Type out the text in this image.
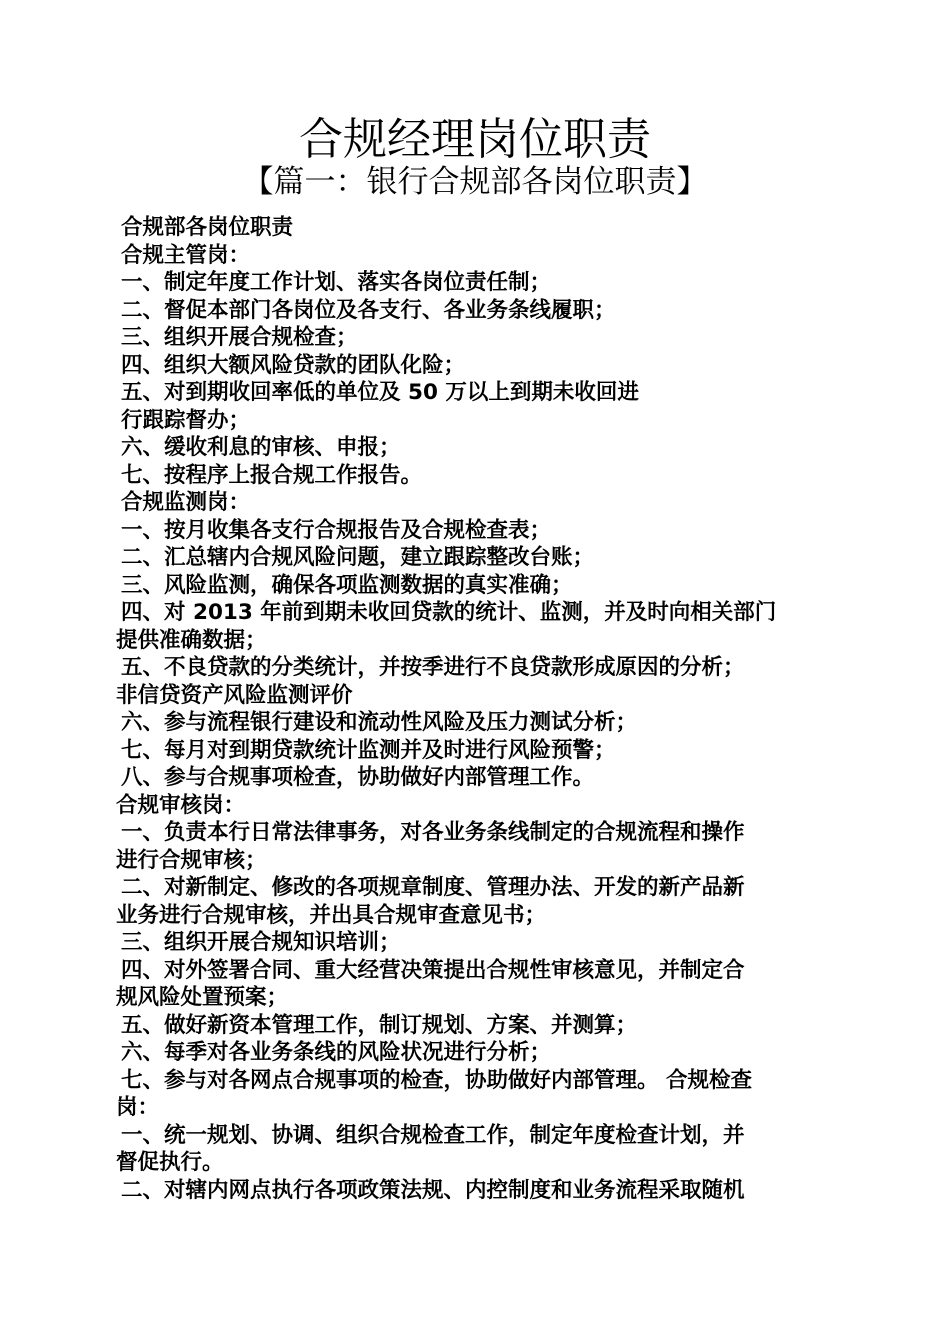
合规经理岗位职责
【篇一：银行合规部各岗位职责】
合规部各岗位职责
合规主管岗：
一、制定年度工作计划、落实各岗位责任制；
二、督促本部门各岗位及各支行、各业务条线履职；
三、组织开展合规检查；
四、组织大额风险贷款的团队化险；
五、对到期收回率低的单位及 50 万以上到期未收回进
行跟踪督办；
六、缓收利息的审核、申报；
七、按程序上报合规工作报告。
合规监测岗：
一、按月收集各支行合规报告及合规检查表；
二、汇总辖内合规风险问题，建立跟踪整改台账；
三、风险监测，确保各项监测数据的真实准确；
四、对 2013 年前到期未收回贷款的统计、监测，并及时向相关部门
提供准确数据；
五、不良贷款的分类统计，并按季进行不良贷款形成原因的分析；
非信贷资产风险监测评价
六、参与流程银行建设和流动性风险及压力测试分析；
七、每月对到期贷款统计监测并及时进行风险预警；
八、参与合规事项检查，协助做好内部管理工作。
合规审核岗：
一、负责本行日常法律事务，对各业务条线制定的合规流程和操作
进行合规审核；
二、对新制定、修改的各项规章制度、管理办法、开发的新产品新
业务进行合规审核，并出具合规审查意见书；
三、组织开展合规知识培训；
四、对外签署合同、重大经营决策提出合规性审核意见，并制定合
规风险处置预案；
五、做好新资本管理工作，制订规划、方案、并测算；
六、每季对各业务条线的风险状况进行分析；
七、参与对各网点合规事项的检查，协助做好内部管理。 合规检查
岗：
一、统一规划、协调、组织合规检查工作，制定年度检查计划，并
督促执行。
二、对辖内网点执行各项政策法规、内控制度和业务流程采取随机
